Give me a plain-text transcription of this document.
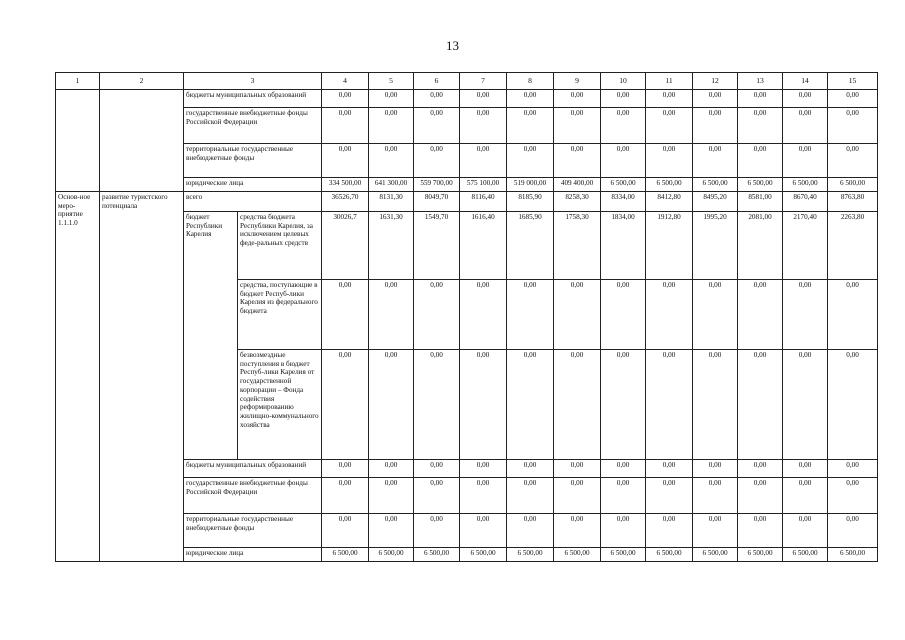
13
1	2	3		4	5	6	7	8	9	10	11	12	13	14	15
		бюджеты муниципальных образований		0,00	0,00	0,00	0,00	0,00	0,00	0,00	0,00	0,00	0,00	0,00	0,00
		государственные внебюджетные фонды Российской Федерации		0,00	0,00	0,00	0,00	0,00	0,00	0,00	0,00	0,00	0,00	0,00	0,00
		территориальные государственные внебюджетные фонды		0,00	0,00	0,00	0,00	0,00	0,00	0,00	0,00	0,00	0,00	0,00	0,00
		юридические лица		334 500,00	641 300,00	559 700,00	575 100,00	519 000,00	409 400,00	6 500,00	6 500,00	6 500,00	6 500,00	6 500,00	6 500,00
Основ-ное меро-приятие 1.1.1.0	развитие туристского потенциала	всего		36526,70	8131,30	8049,70	8116,40	8185,90	8258,30	8334,00	8412,80	8495,20	8581,00	8670,40	8763,80
		бюджет Республики Карелия	средства бюджета Республики Карелия, за исключением целевых феде-ральных средств	30026,7	1631,30	1549,70	1616,40	1685,90	1758,30	1834,00	1912,80	1995,20	2081,00	2170,40	2263,80
			средства, поступающие в бюджет Респуб-лики Карелия из федерального бюджета	0,00	0,00	0,00	0,00	0,00	0,00	0,00	0,00	0,00	0,00	0,00	0,00
			безвозмездные поступления в бюджет Респуб-лики Карелия от государственной корпорации – Фонда содействия реформированию жилищно-коммунального хозяйства	0,00	0,00	0,00	0,00	0,00	0,00	0,00	0,00	0,00	0,00	0,00	0,00
		бюджеты муниципальных образований		0,00	0,00	0,00	0,00	0,00	0,00	0,00	0,00	0,00	0,00	0,00	0,00
		государственные внебюджетные фонды Российской Федерации		0,00	0,00	0,00	0,00	0,00	0,00	0,00	0,00	0,00	0,00	0,00	0,00
		территориальные государственные внебюджетные фонды		0,00	0,00	0,00	0,00	0,00	0,00	0,00	0,00	0,00	0,00	0,00	0,00
		юридические лица		6 500,00	6 500,00	6 500,00	6 500,00	6 500,00	6 500,00	6 500,00	6 500,00	6 500,00	6 500,00	6 500,00	6 500,00
